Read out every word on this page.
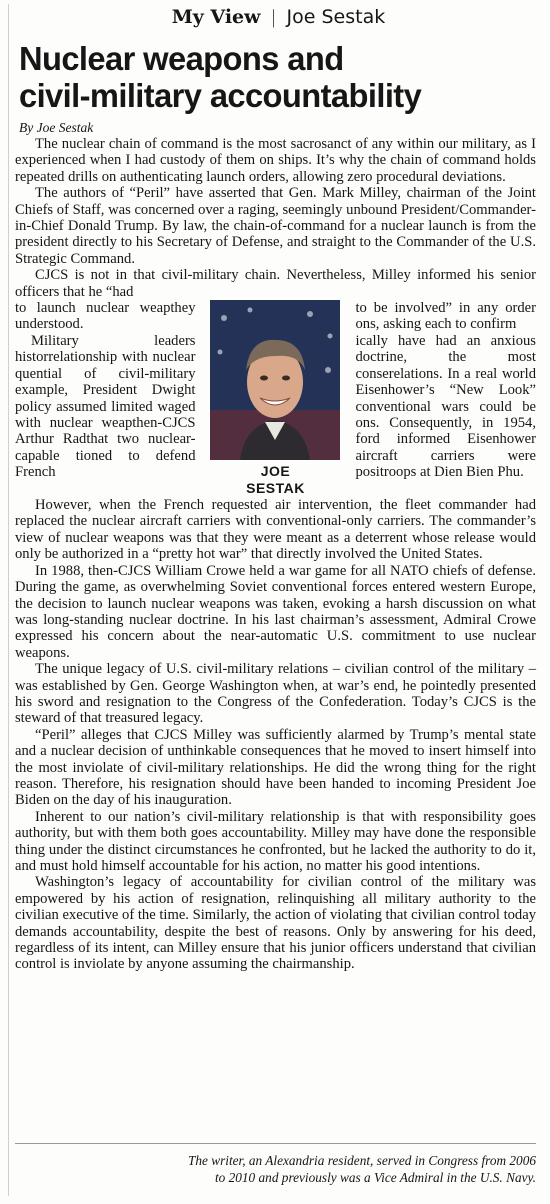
My View | Joe Sestak
Nuclear weapons and
civil-military accountability
By Joe Sestak

The nuclear chain of command is the most sacrosanct of any within our military, as I experienced when I had custody of them on ships. It’s why the chain of command holds repeated drills on authenticating launch orders, allowing zero procedural deviations.

The authors of “Peril” have asserted that Gen. Mark Milley, chairman of the Joint Chiefs of Staff, was concerned over a raging, seemingly unbound President/Commander-in-Chief Donald Trump. By law, the chain-of-command for a nuclear launch is from the president directly to his Secretary of Defense, and straight to the Commander of the U.S. Strategic Command.

CJCS is not in that civil-military chain. Nevertheless, Milley informed his senior officers that he “had

to launch nuclear weapthey understood.

Military leaders historrelationship with nuclear quential of civil-military example, President Dwight policy assumed limited waged with nuclear weapthen-CJCS Arthur Radthat two nuclear-capable tioned to defend French	JOE
SESTAK

to be involved” in any order ons, asking each to confirm

ically have had an anxious doctrine, the most conserelations. In a real world Eisenhower’s “New Look” conventional wars could be ons. Consequently, in 1954, ford informed Eisenhower aircraft carriers were positroops at Dien Bien Phu.

However, when the French requested air intervention, the fleet commander had replaced the nuclear aircraft carriers with conventional-only carriers. The commander’s view of nuclear weapons was that they were meant as a deterrent whose release would only be authorized in a “pretty hot war” that directly involved the United States.

In 1988, then-CJCS William Crowe held a war game for all NATO chiefs of defense. During the game, as overwhelming Soviet conventional forces entered western Europe, the decision to launch nuclear weapons was taken, evoking a harsh discussion on what was long-standing nuclear doctrine. In his last chairman’s assessment, Admiral Crowe expressed his concern about the near-automatic U.S. commitment to use nuclear weapons.

The unique legacy of U.S. civil-military relations – civilian control of the military – was established by Gen. George Washington when, at war’s end, he pointedly presented his sword and resignation to the Congress of the Confederation. Today’s CJCS is the steward of that treasured legacy.

“Peril” alleges that CJCS Milley was sufficiently alarmed by Trump’s mental state and a nuclear decision of unthinkable consequences that he moved to insert himself into the most inviolate of civil-military relationships. He did the wrong thing for the right reason. Therefore, his resignation should have been handed to incoming President Joe Biden on the day of his inauguration.

Inherent to our nation’s civil-military relationship is that with responsibility goes authority, but with them both goes accountability. Milley may have done the responsible thing under the distinct circumstances he confronted, but he lacked the authority to do it, and must hold himself accountable for his action, no matter his good intentions.

Washington’s legacy of accountability for civilian control of the military was empowered by his action of resignation, relinquishing all military authority to the civilian executive of the time. Similarly, the action of violating that civilian control today demands accountability, despite the best of reasons. Only by answering for his deed, regardless of its intent, can Milley ensure that his junior officers understand that civilian control is inviolate by anyone assuming the chairmanship.

The writer, an Alexandria resident, served in Congress from 2006
to 2010 and previously was a Vice Admiral in the U.S. Navy.
